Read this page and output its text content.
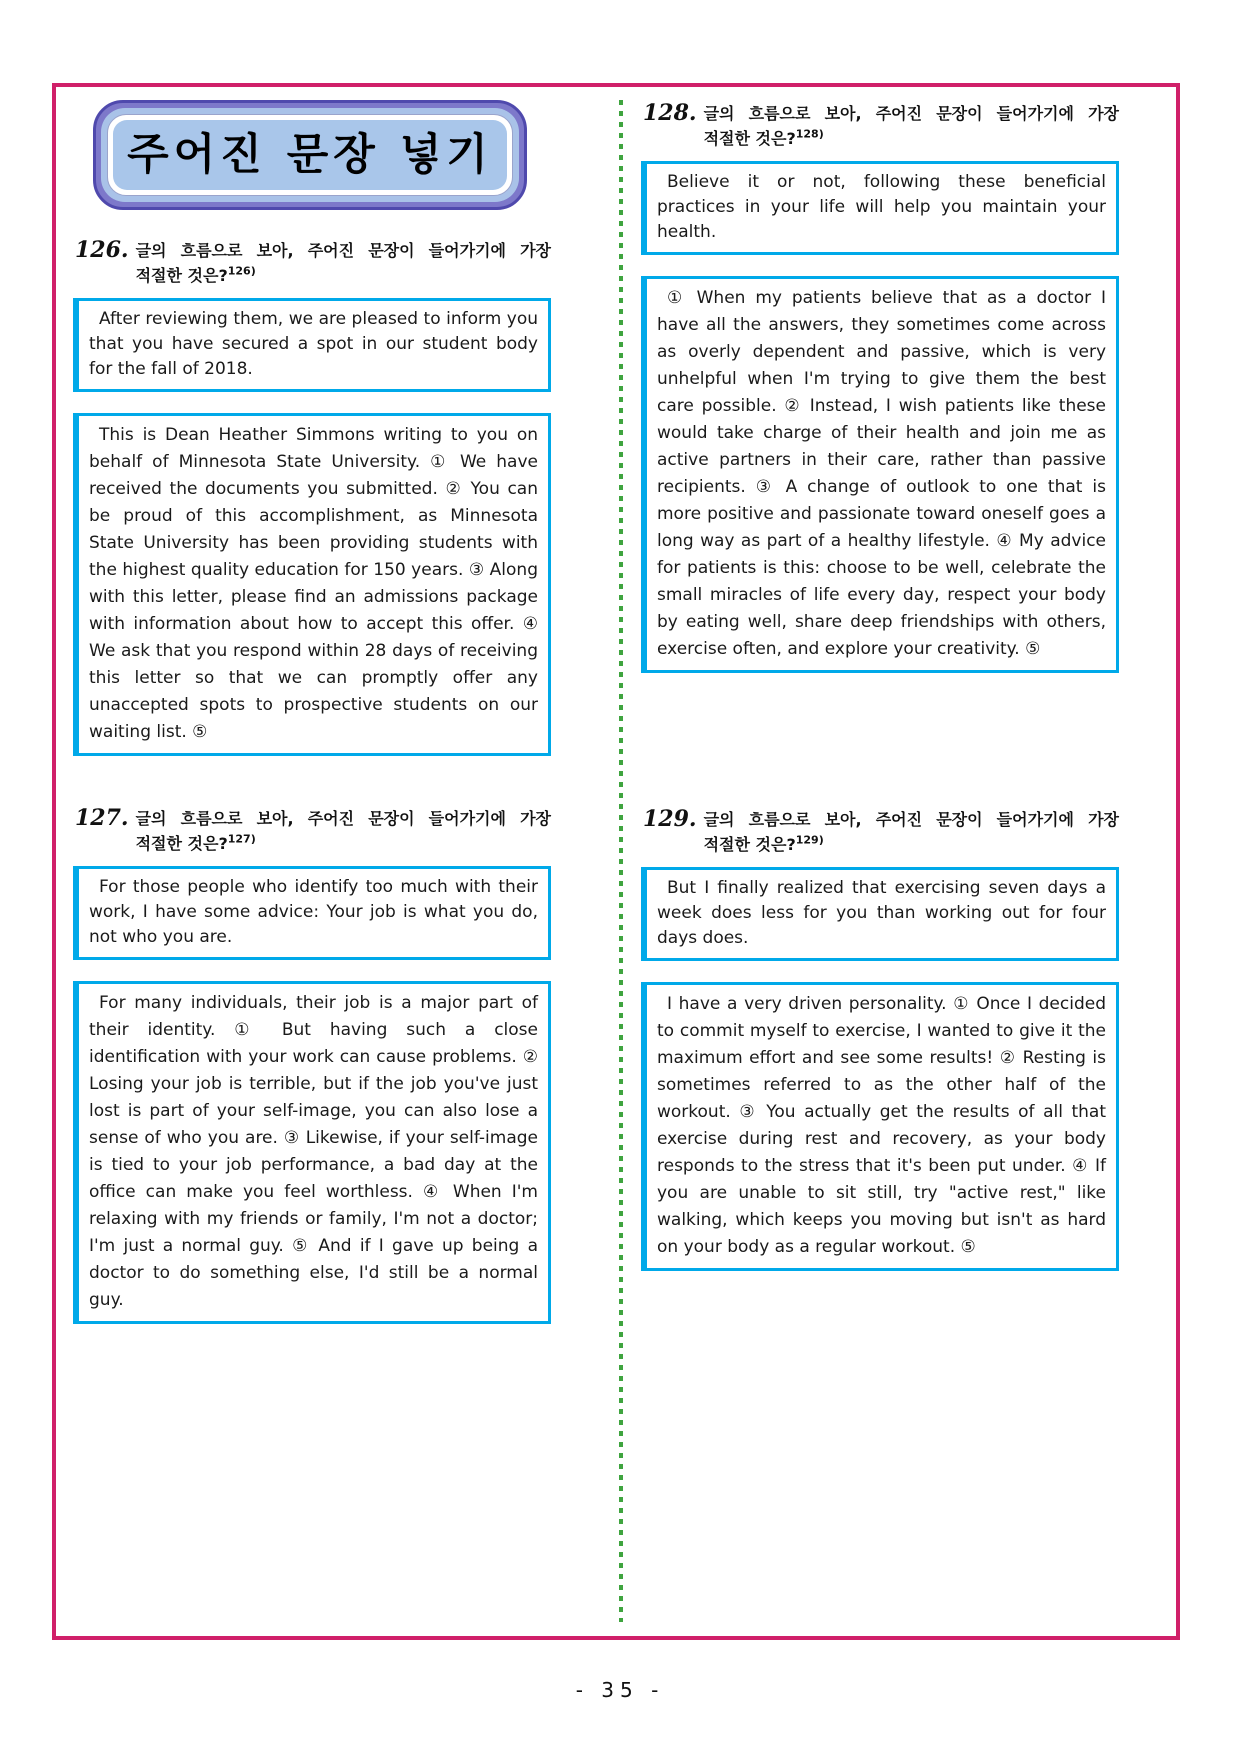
주어진 문장 넣기
126. 글의 흐름으로 보아, 주어진 문장이 들어가기에 가장 적절한 것은?$^{126)}$

After reviewing them, we are pleased to inform you that you have secured a spot in our student body for the fall of 2018.

This is Dean Heather Simmons writing to you on behalf of Minnesota State University. ① We have received the documents you submitted. ② You can be proud of this accomplishment, as Minnesota State University has been providing students with the highest quality education for 150 years. ③ Along with this letter, please find an admissions package with information about how to accept this offer. ④ We ask that you respond within 28 days of receiving this letter so that we can promptly offer any unaccepted spots to prospective students on our waiting list. ⑤

127. 글의 흐름으로 보아, 주어진 문장이 들어가기에 가장 적절한 것은?$^{127)}$

For those people who identify too much with their work, I have some advice: Your job is what you do, not who you are.

For many individuals, their job is a major part of their identity. ① But having such a close identification with your work can cause problems. ② Losing your job is terrible, but if the job you've just lost is part of your self-image, you can also lose a sense of who you are. ③ Likewise, if your self-image is tied to your job performance, a bad day at the office can make you feel worthless. ④ When I'm relaxing with my friends or family, I'm not a doctor; I'm just a normal guy. ⑤ And if I gave up being a doctor to do something else, I'd still be a normal guy.

128. 글의 흐름으로 보아, 주어진 문장이 들어가기에 가장 적절한 것은?$^{128)}$

Believe it or not, following these beneficial practices in your life will help you maintain your health.

① When my patients believe that as a doctor I have all the answers, they sometimes come across as overly dependent and passive, which is very unhelpful when I'm trying to give them the best care possible. ② Instead, I wish patients like these would take charge of their health and join me as active partners in their care, rather than passive recipients. ③ A change of outlook to one that is more positive and passionate toward oneself goes a long way as part of a healthy lifestyle. ④ My advice for patients is this: choose to be well, celebrate the small miracles of life every day, respect your body by eating well, share deep friendships with others, exercise often, and explore your creativity. ⑤

129. 글의 흐름으로 보아, 주어진 문장이 들어가기에 가장 적절한 것은?$^{129)}$

But I finally realized that exercising seven days a week does less for you than working out for four days does.

I have a very driven personality. ① Once I decided to commit myself to exercise, I wanted to give it the maximum effort and see some results! ② Resting is sometimes referred to as the other half of the workout. ③ You actually get the results of all that exercise during rest and recovery, as your body responds to the stress that it's been put under. ④ If you are unable to sit still, try "active rest," like walking, which keeps you moving but isn't as hard on your body as a regular workout. ⑤

- 35 -
